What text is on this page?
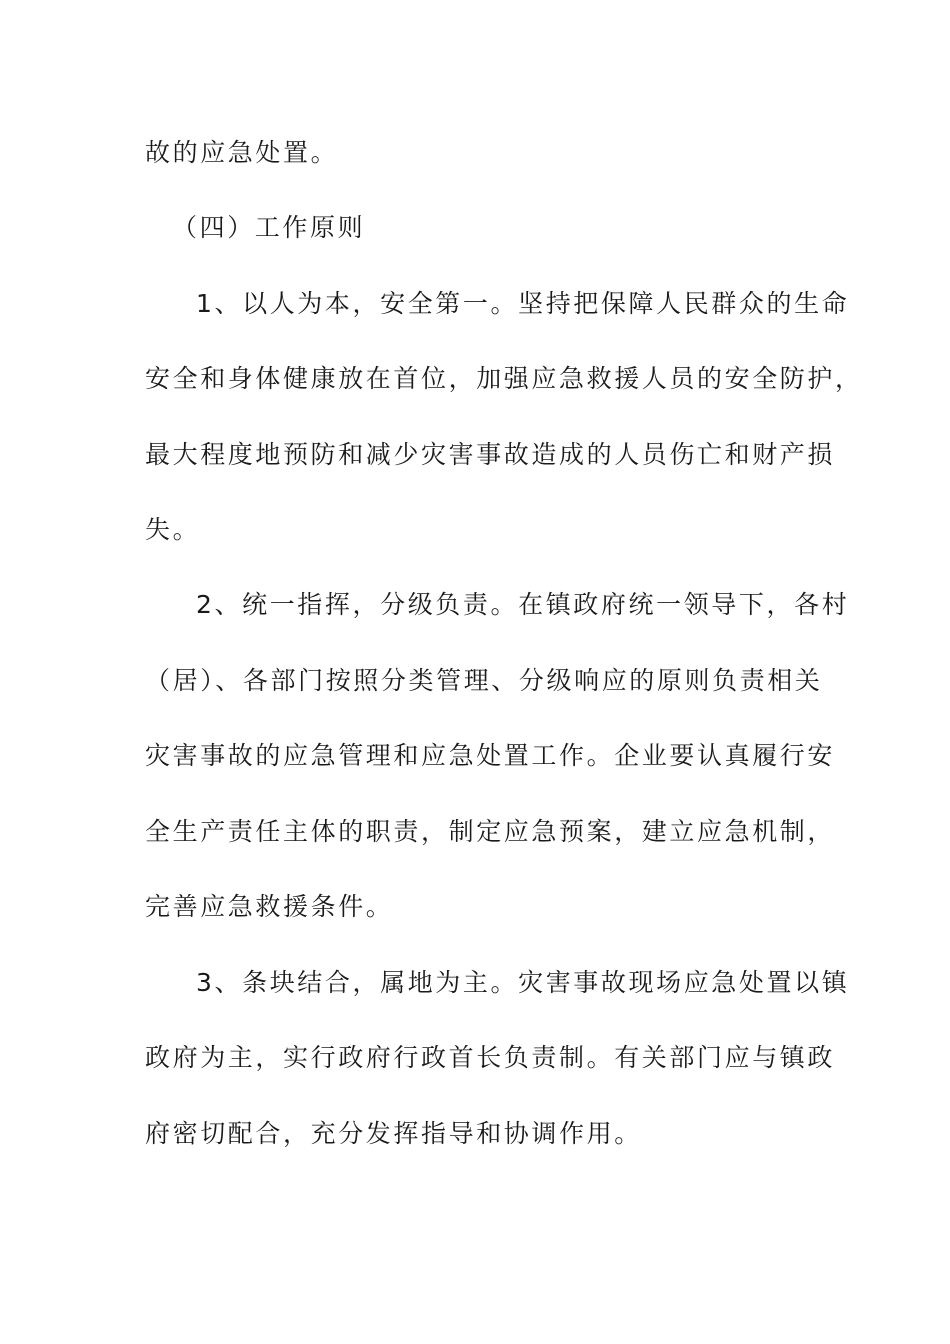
故的应急处置。
（四）工作原则
1、以人为本，安全第一。坚持把保障人民群众的生命
安全和身体健康放在首位，加强应急救援人员的安全防护，
最大程度地预防和减少灾害事故造成的人员伤亡和财产损
失。
2、统一指挥，分级负责。在镇政府统一领导下，各村
（居）、各部门按照分类管理、分级响应的原则负责相关
灾害事故的应急管理和应急处置工作。企业要认真履行安
全生产责任主体的职责，制定应急预案，建立应急机制，
完善应急救援条件。
3、条块结合，属地为主。灾害事故现场应急处置以镇
政府为主，实行政府行政首长负责制。有关部门应与镇政
府密切配合，充分发挥指导和协调作用。
